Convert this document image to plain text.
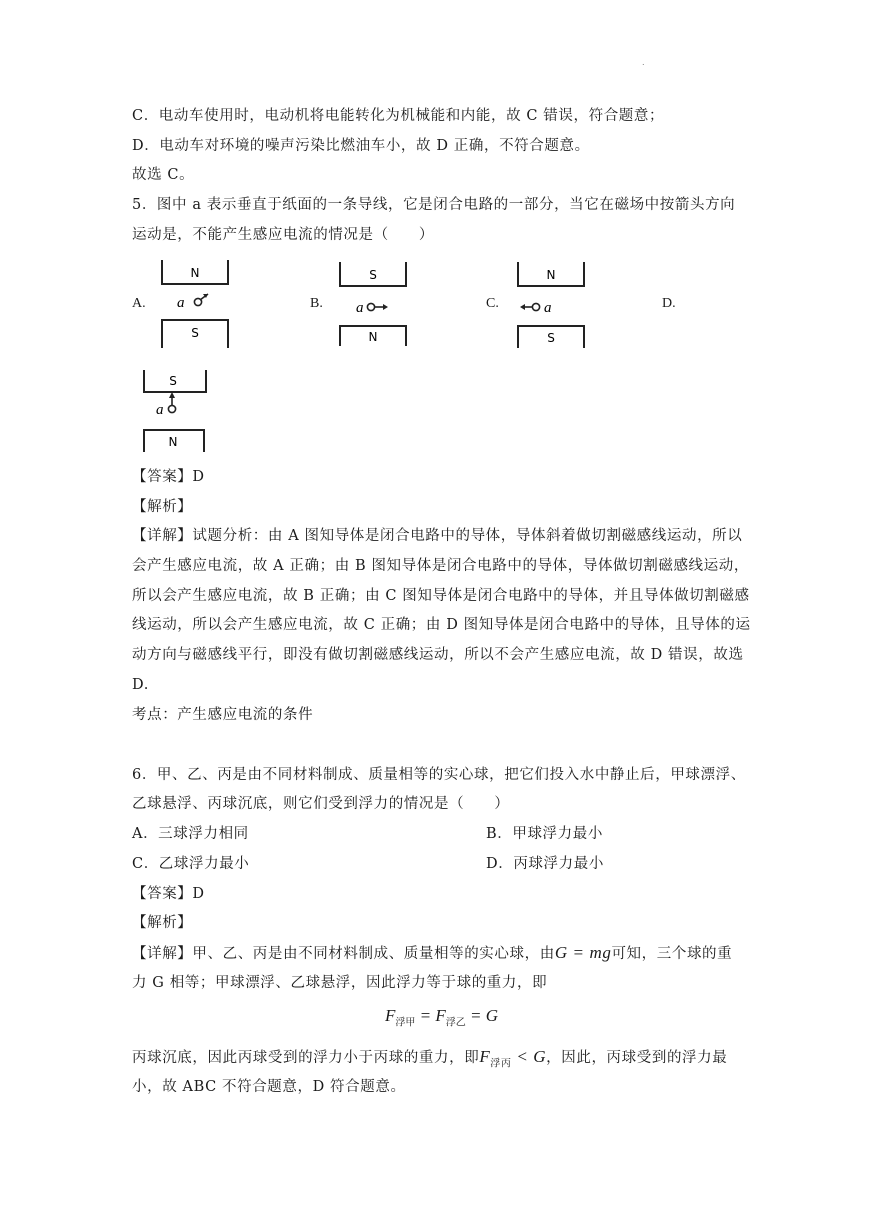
.
C．电动车使用时，电动机将电能转化为机械能和内能，故 C 错误，符合题意；
D．电动车对环境的噪声污染比燃油车小，故 D 正确，不符合题意。
故选 C。
5．图中 a 表示垂直于纸面的一条导线，它是闭合电路的一部分，当它在磁场中按箭头方向
运动是，不能产生感应电流的情况是（　　）
A.
N
a
S
B.
S
a
N
C.
N
a
S
D.
S
a
N
【答案】D
【解析】
【详解】试题分析：由 A 图知导体是闭合电路中的导体，导体斜着做切割磁感线运动，所以
会产生感应电流，故 A 正确；由 B 图知导体是闭合电路中的导体，导体做切割磁感线运动，
所以会产生感应电流，故 B 正确；由 C 图知导体是闭合电路中的导体，并且导体做切割磁感
线运动，所以会产生感应电流，故 C 正确；由 D 图知导体是闭合电路中的导体，且导体的运
动方向与磁感线平行，即没有做切割磁感线运动，所以不会产生感应电流，故 D 错误，故选
D.
考点：产生感应电流的条件
6．甲、乙、丙是由不同材料制成、质量相等的实心球，把它们投入水中静止后，甲球漂浮、
乙球悬浮、丙球沉底，则它们受到浮力的情况是（　　）
A．三球浮力相同	B．甲球浮力最小
C．乙球浮力最小	D．丙球浮力最小
【答案】D
【解析】
【详解】甲、乙、丙是由不同材料制成、质量相等的实心球，由G = mg可知，三个球的重
力 G 相等；甲球漂浮、乙球悬浮，因此浮力等于球的重力，即
$F_{浮甲} = F_{浮乙} = G$
丙球沉底，因此丙球受到的浮力小于丙球的重力，即$F_{浮丙} < G$，因此，丙球受到的浮力最
小，故 ABC 不符合题意，D 符合题意。
